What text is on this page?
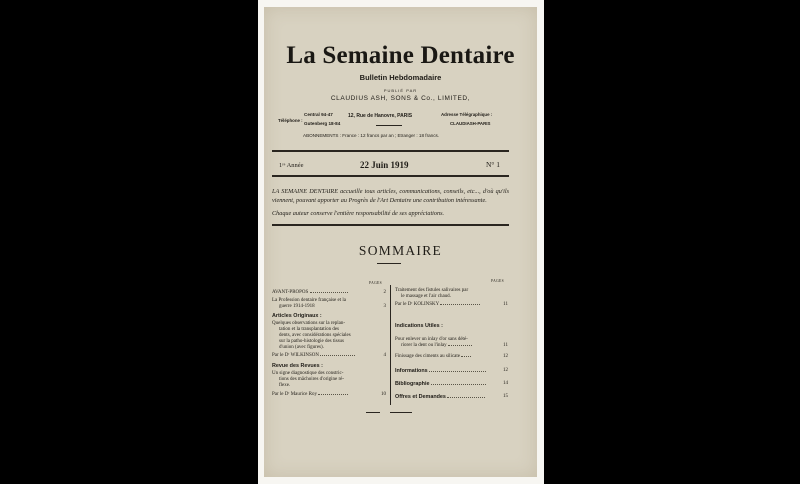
La Semaine Dentaire
Bulletin Hebdomadaire
PUBLIÉ PAR
CLAUDIUS ASH, SONS & Co., LIMITED,
Téléphone :
Central 94-47
Gutenberg 18-84
12, Rue de Hanovre, PARIS	Adresse Télégraphique :
CLAUDIASH-PARIS
ABONNEMENTS : France : 12 francs par an ; Etranger : 18 francs.
1ʳᵉ Année	22 Juin 1919	N° 1
LA SEMAINE DENTAIRE accueille tous articles, communications, conseils, etc..., d'où qu'ils viennent, pouvant apporter au Progrès de l'Art Dentaire une contribution intéressante.
Chaque auteur conserve l'entière responsabilité de ses appréciations.
SOMMAIRE
PAGES
AVANT-PROPOS	2
La Profession dentaire française et la
guerre 1914-1918	3
Articles Originaux :
Quelques observations sur la replan-
tation et la transplantation des
dents, avec considérations spéciales
sur la patho-histologie des tissus
d'union (avec figures).
Par le Dʳ WILKINSON	4
Revue des Revues :
Un signe diagnostique des constric-
tions des mâchoires d'origine ré-
flexe.
Par le Dʳ Maurice Roy	10
PAGES
Traitement des fistules salivaires par
le massage et l'air chaud.
Par le Dʳ KOLINSKY	11
Indications Utiles :
Pour enlever un inlay d'or sans dété-
riorer la dent ou l'inlay	11
Finissage des ciments au silicate	12
Informations	12
Bibliographie	14
Offres et Demandes	15
